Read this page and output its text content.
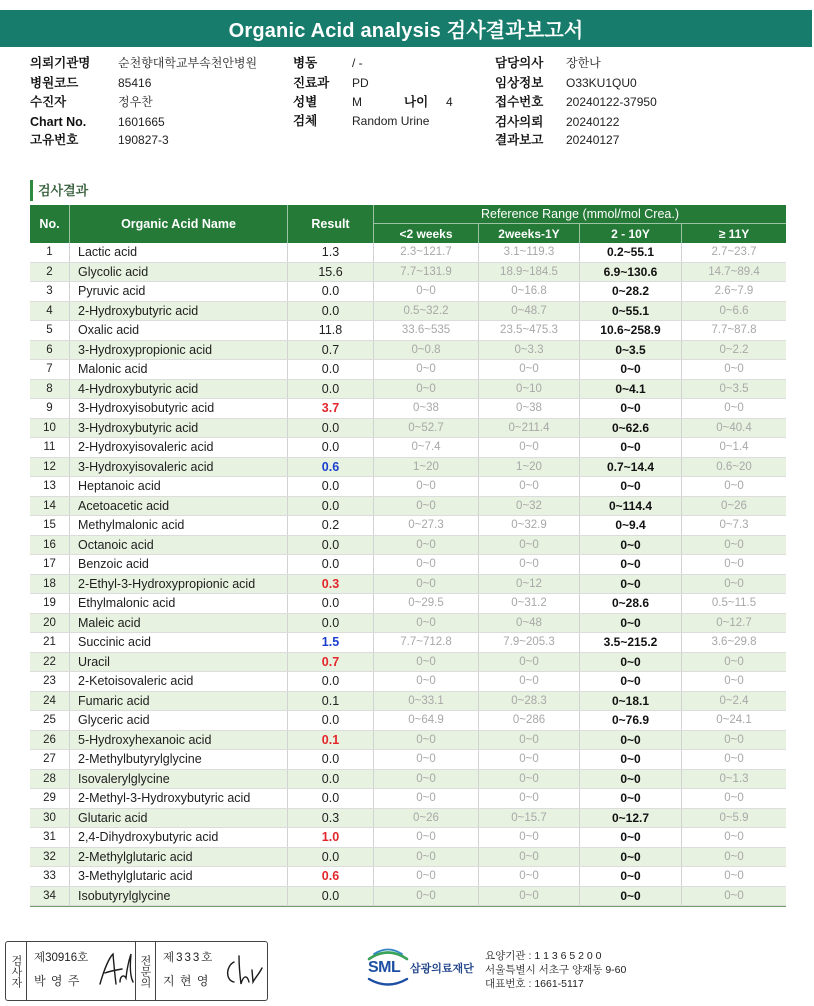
Organic Acid analysis 검사결과보고서
의뢰기관명 순천향대학교부속천안병원
병원코드	85416
수진자	정우찬
Chart No.	1601665
고유번호	190827-3
병동	/ -
진료과 PD
성별	M	나이 4
검체	Random Urine
담당의사 장한나
임상정보 O33KU1QU0
접수번호 20240122-37950
검사의뢰 20240122
결과보고 20240127
검사결과
No.	Organic Acid Name	Result
Reference Range (mmol/mol Crea.)
<2 weeks	2weeks-1Y	2 - 10Y	≥ 11Y
1	Lactic acid	1.3	2.3~121.7	3.1~119.3	0.2~55.1	2.7~23.7
2	Glycolic acid	15.6	7.7~131.9	18.9~184.5	6.9~130.6	14.7~89.4
3	Pyruvic acid	0.0	0~0	0~16.8	0~28.2	2.6~7.9
4	2-Hydroxybutyric acid	0.0	0.5~32.2	0~48.7	0~55.1	0~6.6
5	Oxalic acid	11.8	33.6~535	23.5~475.3	10.6~258.9	7.7~87.8
6	3-Hydroxypropionic acid	0.7	0~0.8	0~3.3	0~3.5	0~2.2
7	Malonic acid	0.0	0~0	0~0	0~0	0~0
8	4-Hydroxybutyric acid	0.0	0~0	0~10	0~4.1	0~3.5
9	3-Hydroxyisobutyric acid	3.7	0~38	0~38	0~0	0~0
10	3-Hydroxybutyric acid	0.0	0~52.7	0~211.4	0~62.6	0~40.4
11	2-Hydroxyisovaleric acid	0.0	0~7.4	0~0	0~0	0~1.4
12	3-Hydroxyisovaleric acid	0.6	1~20	1~20	0.7~14.4	0.6~20
13	Heptanoic acid	0.0	0~0	0~0	0~0	0~0
14	Acetoacetic acid	0.0	0~0	0~32	0~114.4	0~26
15	Methylmalonic acid	0.2	0~27.3	0~32.9	0~9.4	0~7.3
16	Octanoic acid	0.0	0~0	0~0	0~0	0~0
17	Benzoic acid	0.0	0~0	0~0	0~0	0~0
18	2-Ethyl-3-Hydroxypropionic acid	0.3	0~0	0~12	0~0	0~0
19	Ethylmalonic acid	0.0	0~29.5	0~31.2	0~28.6	0.5~11.5
20	Maleic acid	0.0	0~0	0~48	0~0	0~12.7
21	Succinic acid	1.5	7.7~712.8	7.9~205.3	3.5~215.2	3.6~29.8
22	Uracil	0.7	0~0	0~0	0~0	0~0
23	2-Ketoisovaleric acid	0.0	0~0	0~0	0~0	0~0
24	Fumaric acid	0.1	0~33.1	0~28.3	0~18.1	0~2.4
25	Glyceric acid	0.0	0~64.9	0~286	0~76.9	0~24.1
26	5-Hydroxyhexanoic acid	0.1	0~0	0~0	0~0	0~0
27	2-Methylbutyrylglycine	0.0	0~0	0~0	0~0	0~0
28	Isovalerylglycine	0.0	0~0	0~0	0~0	0~1.3
29	2-Methyl-3-Hydroxybutyric acid	0.0	0~0	0~0	0~0	0~0
30	Glutaric acid	0.3	0~26	0~15.7	0~12.7	0~5.9
31	2,4-Dihydroxybutyric acid	1.0	0~0	0~0	0~0	0~0
32	2-Methylglutaric acid	0.0	0~0	0~0	0~0	0~0
33	3-Methylglutaric acid	0.6	0~0	0~0	0~0	0~0
34	Isobutyrylglycine	0.0	0~0	0~0	0~0	0~0
검사자	제30916호
박 영 주	전문의	제333호
지 현 영
SML 삼광의료재단
요양기관 : 1 1 3 6 5 2 0 0
서울특별시 서초구 양재동 9-60
대표번호 : 1661-5117
